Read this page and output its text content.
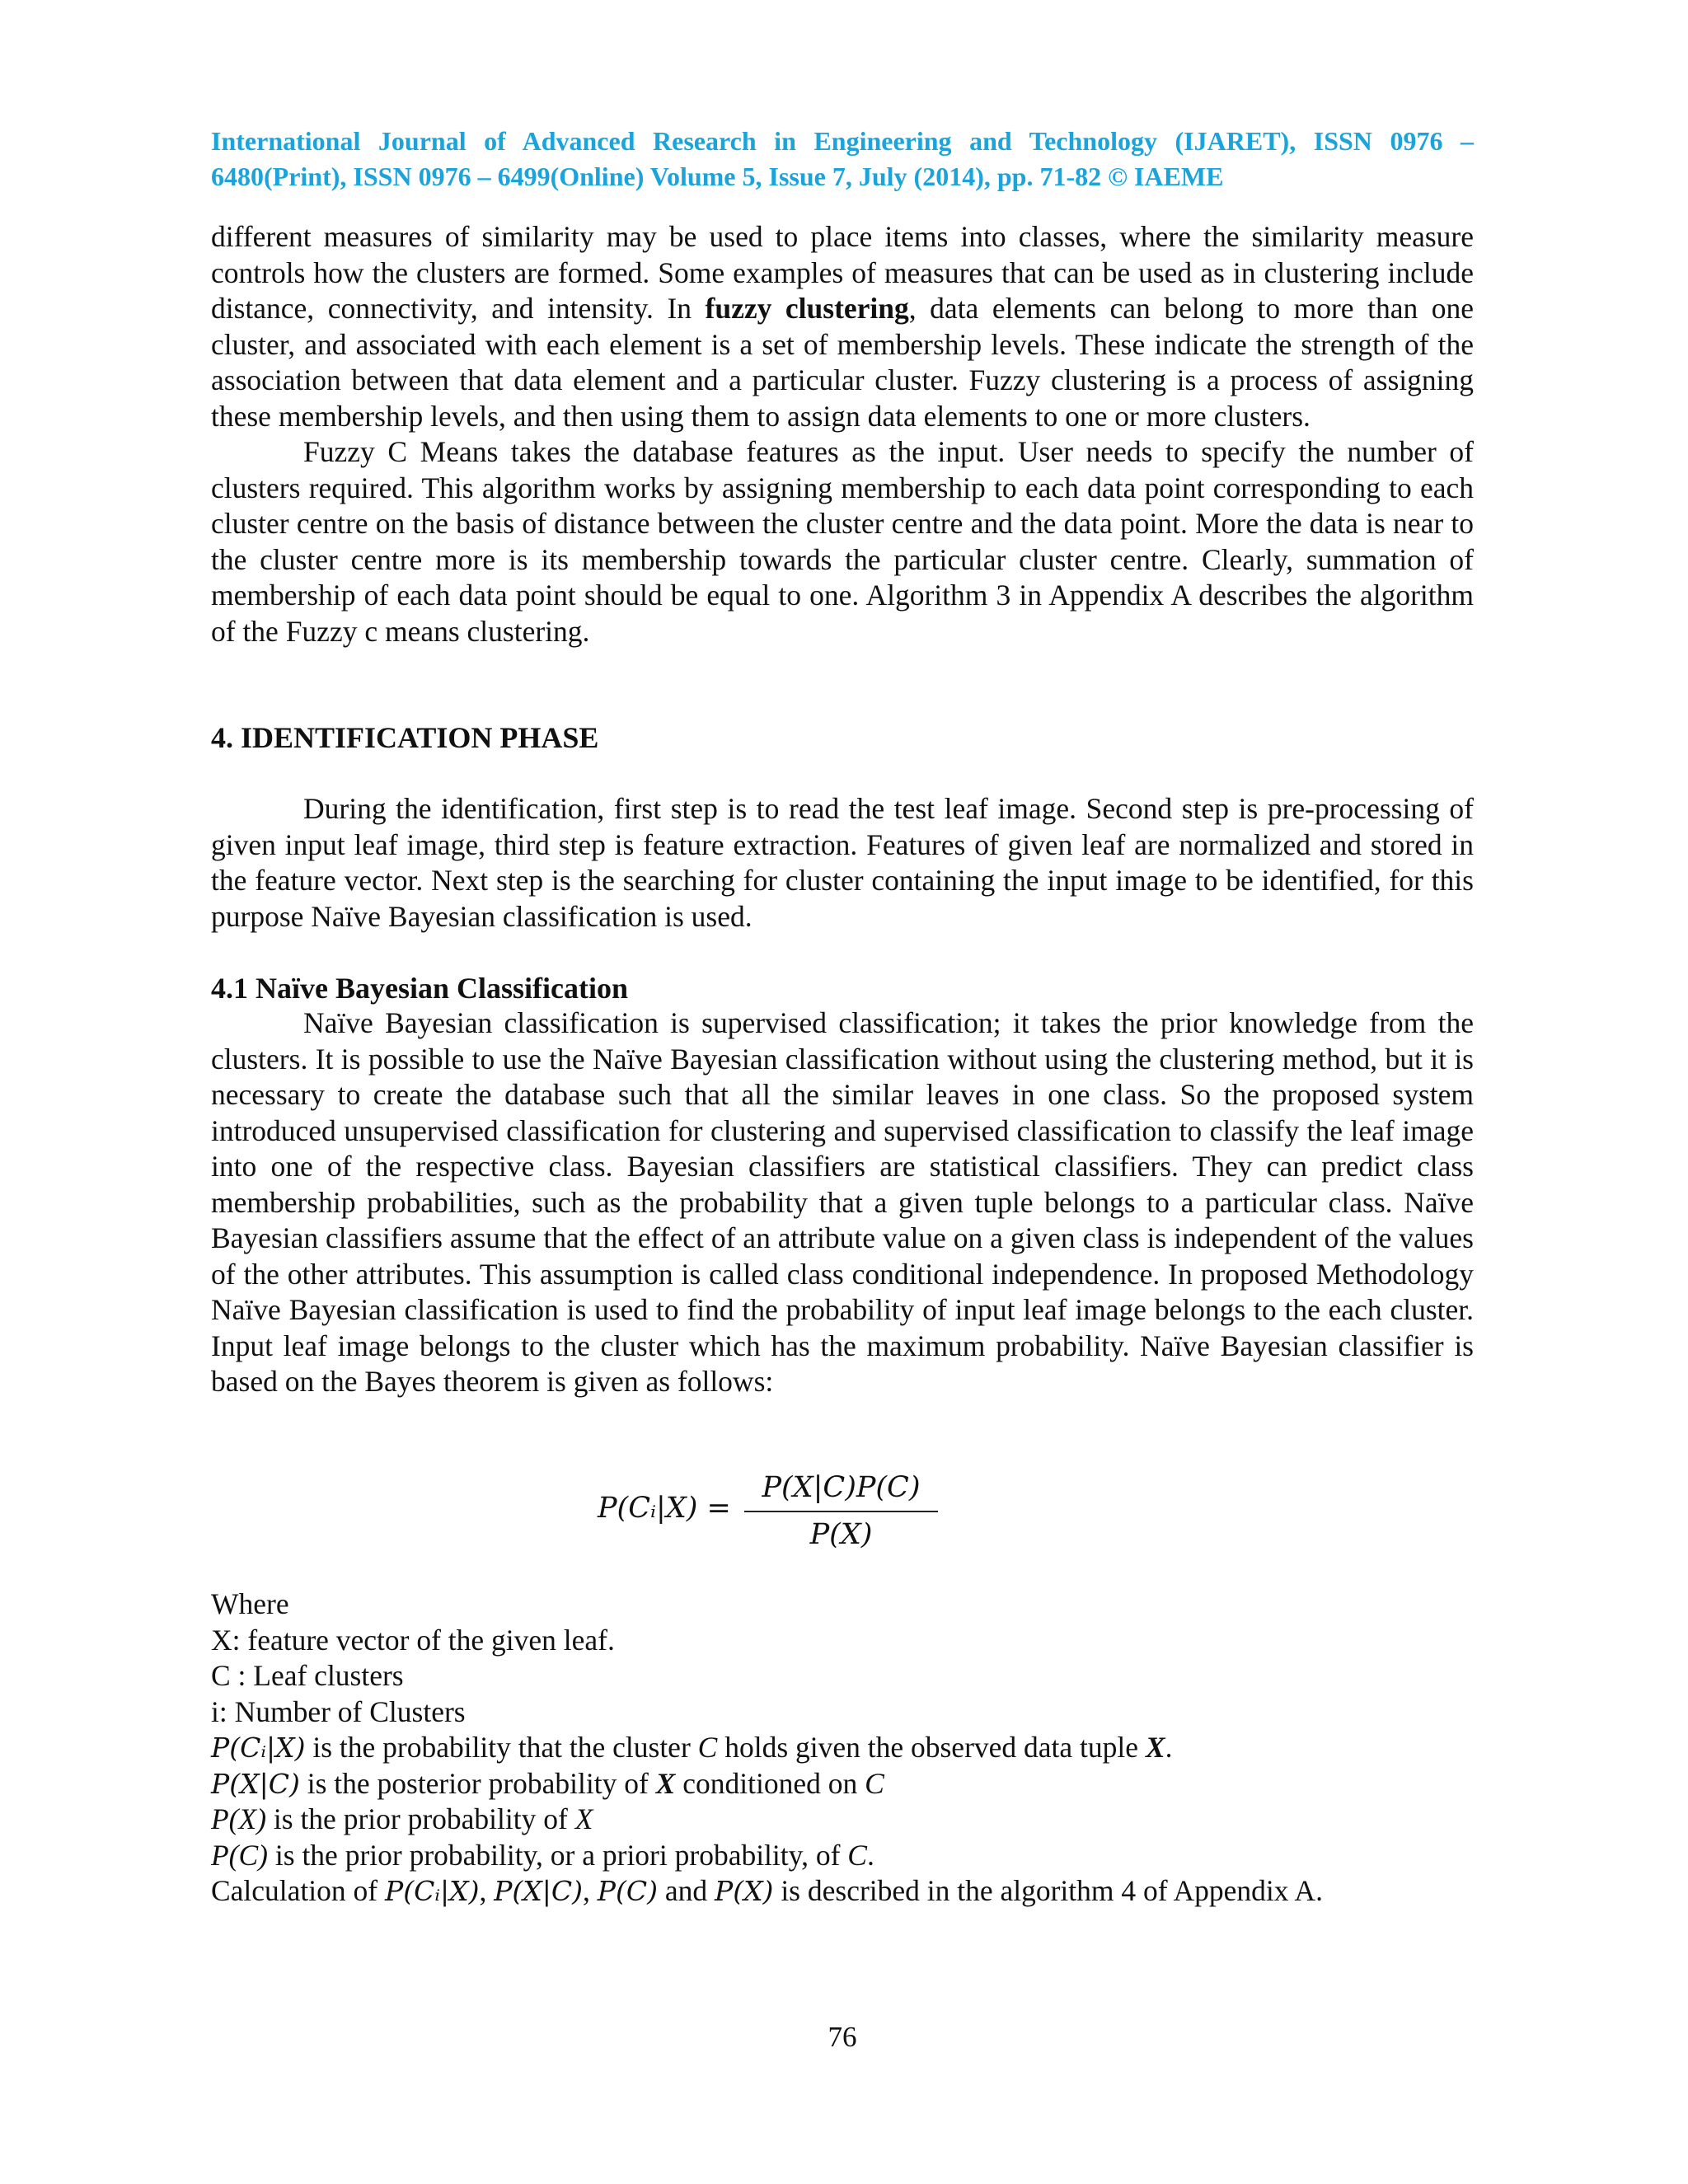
International Journal of Advanced Research in Engineering and Technology (IJARET), ISSN 0976 – 6480(Print), ISSN 0976 – 6499(Online) Volume 5, Issue 7, July (2014), pp. 71-82 © IAEME

different measures of similarity may be used to place items into classes, where the similarity measure controls how the clusters are formed. Some examples of measures that can be used as in clustering include distance, connectivity, and intensity. In fuzzy clustering, data elements can belong to more than one cluster, and associated with each element is a set of membership levels. These indicate the strength of the association between that data element and a particular cluster. Fuzzy clustering is a process of assigning these membership levels, and then using them to assign data elements to one or more clusters.

Fuzzy C Means takes the database features as the input. User needs to specify the number of clusters required. This algorithm works by assigning membership to each data point corresponding to each cluster centre on the basis of distance between the cluster centre and the data point. More the data is near to the cluster centre more is its membership towards the particular cluster centre. Clearly, summation of membership of each data point should be equal to one. Algorithm 3 in Appendix A describes the algorithm of the Fuzzy c means clustering.

4. IDENTIFICATION PHASE

During the identification, first step is to read the test leaf image. Second step is pre-processing of given input leaf image, third step is feature extraction. Features of given leaf are normalized and stored in the feature vector. Next step is the searching for cluster containing the input image to be identified, for this purpose Naïve Bayesian classification is used.

4.1 Naïve Bayesian Classification

Naïve Bayesian classification is supervised classification; it takes the prior knowledge from the clusters. It is possible to use the Naïve Bayesian classification without using the clustering method, but it is necessary to create the database such that all the similar leaves in one class. So the proposed system introduced unsupervised classification for clustering and supervised classification to classify the leaf image into one of the respective class. Bayesian classifiers are statistical classifiers. They can predict class membership probabilities, such as the probability that a given tuple belongs to a particular class. Naïve Bayesian classifiers assume that the effect of an attribute value on a given class is independent of the values of the other attributes. This assumption is called class conditional independence. In proposed Methodology Naïve Bayesian classification is used to find the probability of input leaf image belongs to the each cluster. Input leaf image belongs to the cluster which has the maximum probability. Naïve Bayesian classifier is based on the Bayes theorem is given as follows:

P(Cᵢ|X) =
P(X|C)P(C)
P(X)
Where
X: feature vector of the given leaf.
C : Leaf clusters
i: Number of Clusters
P(Cᵢ|X) is the probability that the cluster C holds given the observed data tuple X.
P(X|C) is the posterior probability of X conditioned on C
P(X) is the prior probability of X
P(C) is the prior probability, or a priori probability, of C.
Calculation of P(Cᵢ|X), P(X|C), P(C) and P(X) is described in the algorithm 4 of Appendix A.
76
